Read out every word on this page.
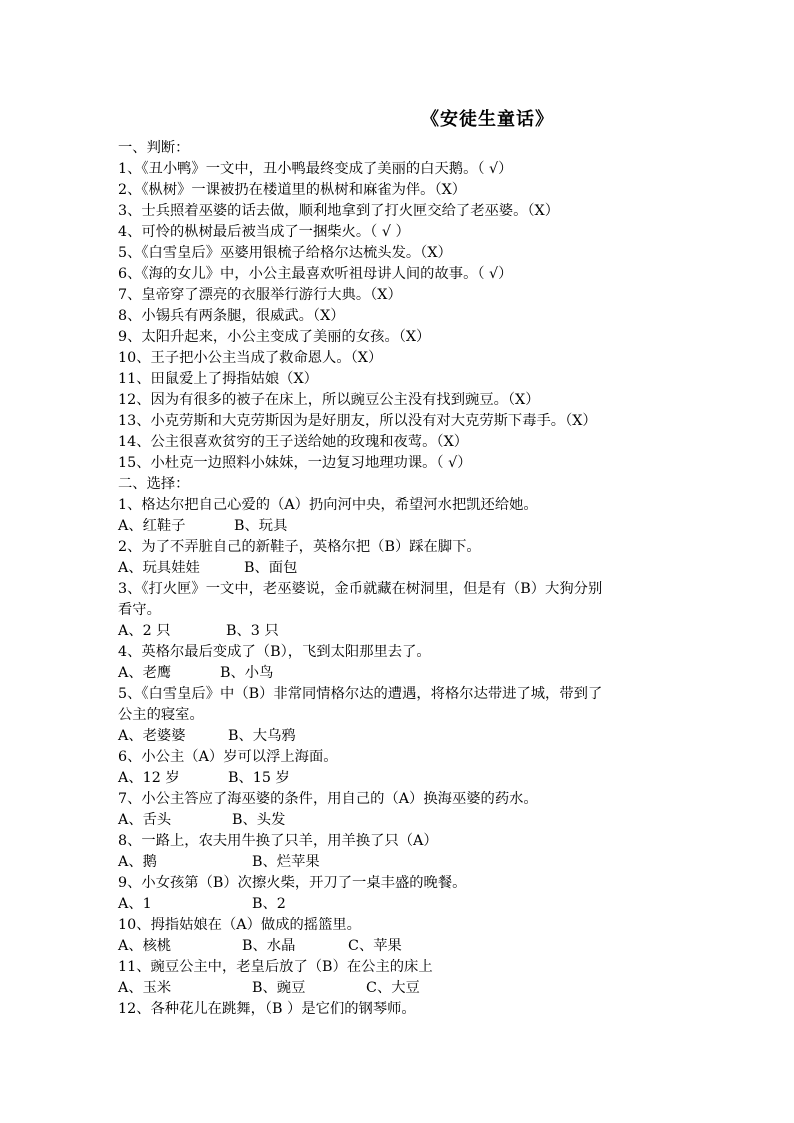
《安徒生童话》
一、判断：
1、《丑小鸭》一文中，丑小鸭最终变成了美丽的白天鹅。（ √）
2、《枞树》一课被扔在楼道里的枞树和麻雀为伴。（X）
3、士兵照着巫婆的话去做，顺利地拿到了打火匣交给了老巫婆。（X）
4、可怜的枞树最后被当成了一捆柴火。（ √ ）
5、《白雪皇后》巫婆用银梳子给格尔达梳头发。（X）
6、《海的女儿》中，小公主最喜欢听祖母讲人间的故事。（ √）
7、皇帝穿了漂亮的衣服举行游行大典。（X）
8、小锡兵有两条腿，很威武。（X）
9、太阳升起来，小公主变成了美丽的女孩。（X）
10、王子把小公主当成了救命恩人。（X）
11、田鼠爱上了拇指姑娘（X）
12、因为有很多的被子在床上，所以豌豆公主没有找到豌豆。（X）
13、小克劳斯和大克劳斯因为是好朋友，所以没有对大克劳斯下毒手。（X）
14、公主很喜欢贫穷的王子送给她的玫瑰和夜莺。（X）
15、小杜克一边照料小妹妹，一边复习地理功课。（ √）
二、选择：
1、格达尔把自己心爱的（A）扔向河中央，希望河水把凯还给她。
A、红鞋子	B、玩具
2、为了不弄脏自己的新鞋子，英格尔把（B）踩在脚下。
A、玩具娃娃	B、面包
3、《打火匣》一文中，老巫婆说，金币就藏在树洞里，但是有（B）大狗分别
看守。
A、2 只	B、3 只
4、英格尔最后变成了（B），飞到太阳那里去了。
A、老鹰	B、小鸟
5、《白雪皇后》中（B）非常同情格尔达的遭遇，将格尔达带进了城，带到了
公主的寝室。
A、老婆婆	B、大乌鸦
6、小公主（A）岁可以浮上海面。
A、12 岁	B、15 岁
7、小公主答应了海巫婆的条件，用自己的（A）换海巫婆的药水。
A、舌头	B、头发
8、一路上，农夫用牛换了只羊，用羊换了只（A）
A、鹅	B、烂苹果
9、小女孩第（B）次擦火柴，开刀了一桌丰盛的晚餐。
A、1	B、2
10、拇指姑娘在（A）做成的摇篮里。
A、核桃	B、水晶	C、苹果
11、豌豆公主中，老皇后放了（B）在公主的床上
A、玉米	B、豌豆	C、大豆
12、各种花儿在跳舞，（B ）是它们的钢琴师。
